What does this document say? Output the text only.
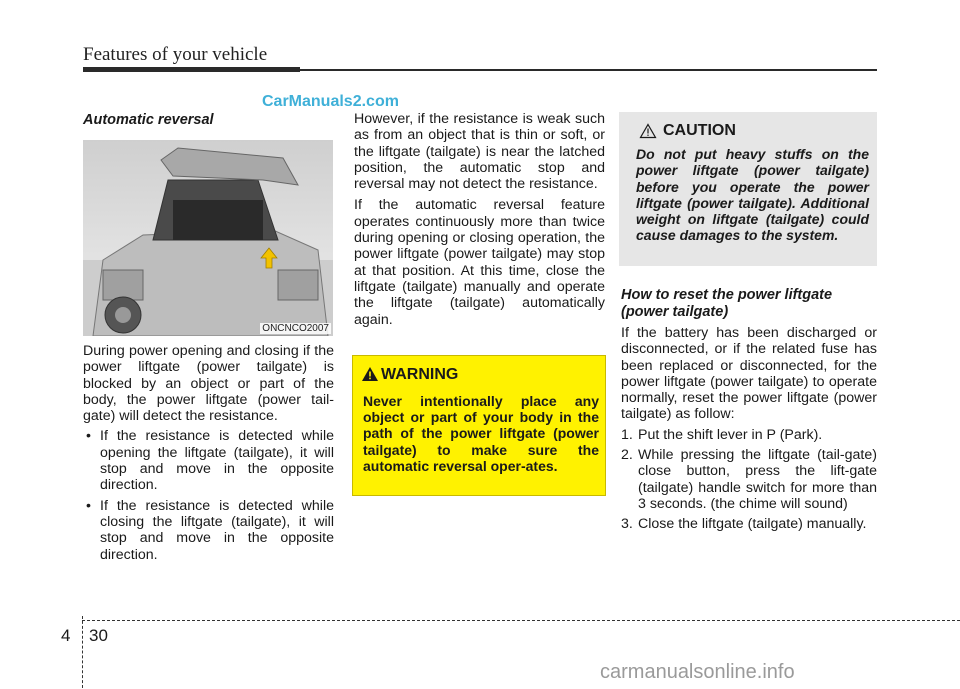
Features of your vehicle
CarManuals2.com
Automatic reversal
ONCNCO2007
During power opening and closing if the power liftgate (power tailgate) is blocked by an object or part of the body, the power liftgate (power tail-gate) will detect the resistance.
• If the resistance is detected while opening the liftgate (tailgate), it will stop and move in the opposite direction.
• If the resistance is detected while closing the liftgate (tailgate), it will stop and move in the opposite direction.
However, if the resistance is weak such as from an object that is thin or soft, or the liftgate (tailgate) is near the latched position, the automatic stop and reversal may not detect the resistance.
If the automatic reversal feature operates continuously more than twice during opening or closing operation, the power liftgate (power tailgate) may stop at that position. At this time, close the liftgate (tailgate) manually and operate the liftgate (tailgate) automatically again.
WARNING
Never intentionally place any object or part of your body in the path of the power liftgate (power tailgate) to make sure the automatic reversal oper-ates.
CAUTION
Do not put heavy stuffs on the power liftgate (power tailgate) before you operate the power liftgate (power tailgate). Additional weight on liftgate (tailgate) could cause damages to the system.
How to reset the power liftgate (power tailgate)
If the battery has been discharged or disconnected, or if the related fuse has been replaced or disconnected, for the power liftgate (power tailgate) to operate normally, reset the power liftgate (power tailgate) as follow:
1. Put the shift lever in P (Park).
2. While pressing the liftgate (tail-gate) close button, press the lift-gate (tailgate) handle switch for more than 3 seconds. (the chime will sound)
3. Close the liftgate (tailgate) manually.
4 30
carmanualsonline.info
